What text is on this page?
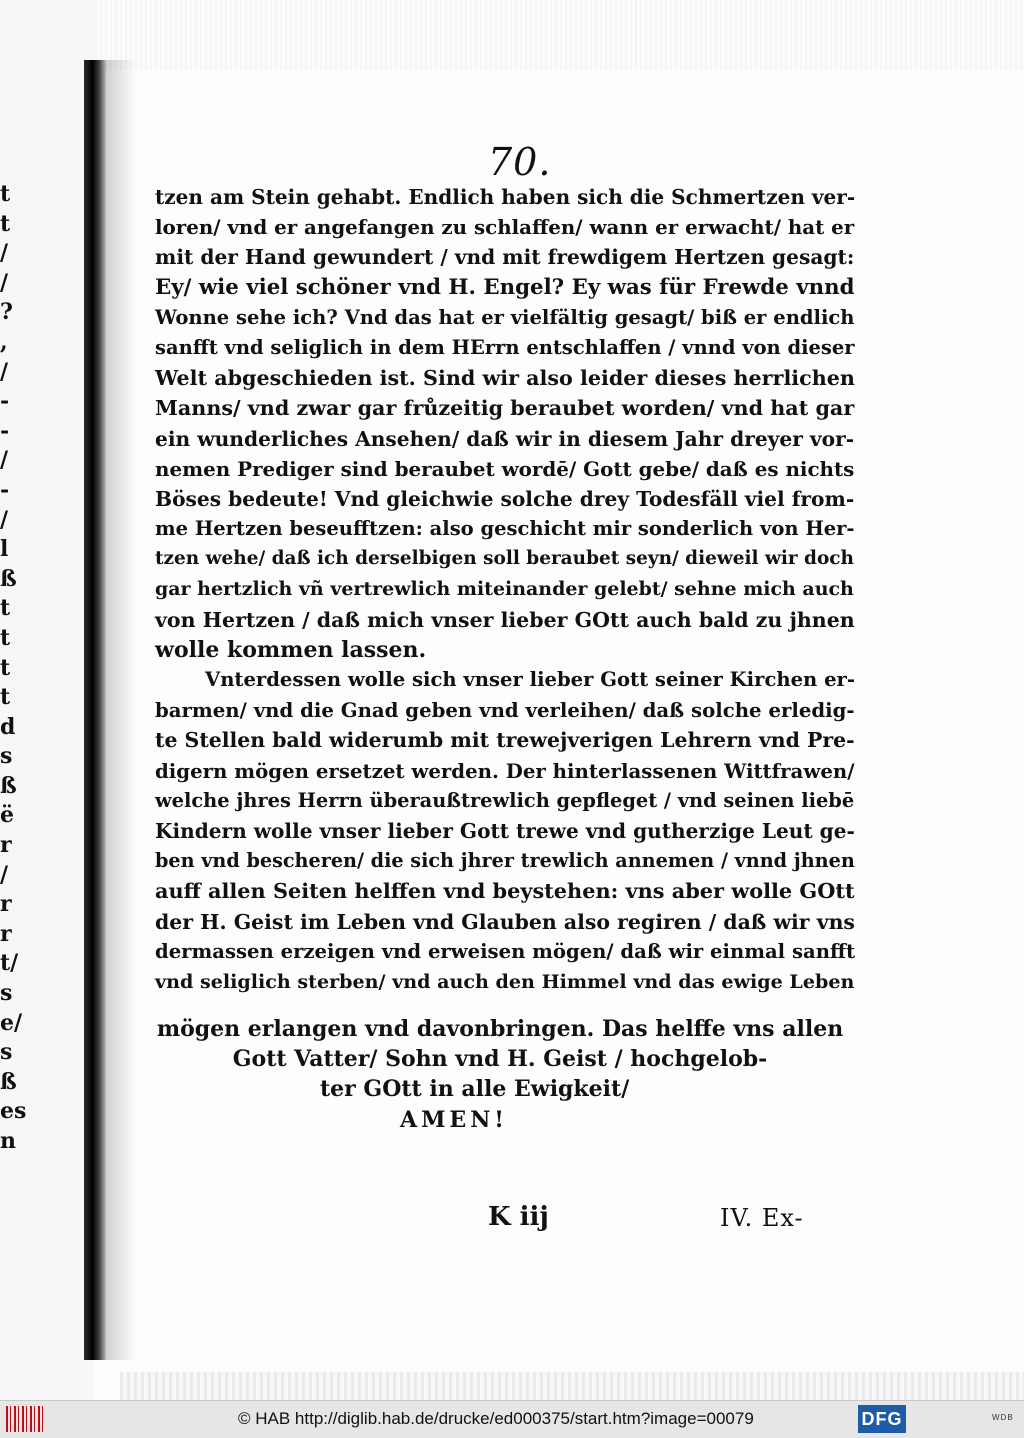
t
t
/
/
?
,
/
-
-
/
-
/
l
ß
t
t
t
t
d
s
ß
ë
r
/
r
r
t/
s
e/
s
ß
es
n
70.
tzen am Stein gehabt. Endlich haben sich die Schmertzen ver-
loren/ vnd er angefangen zu schlaffen/ wann er erwacht/ hat er
mit der Hand gewundert / vnd mit frewdigem Hertzen gesagt:
Ey/ wie viel schöner vnd H. Engel? Ey was für Frewde vnnd
Wonne sehe ich? Vnd das hat er vielfältig gesagt/ biß er endlich
sanfft vnd seliglich in dem HErrn entschlaffen / vnnd von dieser
Welt abgeschieden ist. Sind wir also leider dieses herrlichen
Manns/ vnd zwar gar frůzeitig beraubet worden/ vnd hat gar
ein wunderliches Ansehen/ daß wir in diesem Jahr dreyer vor-
nemen Prediger sind beraubet wordē/ Gott gebe/ daß es nichts
Böses bedeute! Vnd gleichwie solche drey Todesfäll viel from-
me Hertzen beseufftzen: also geschicht mir sonderlich von Her-
tzen wehe/ daß ich derselbigen soll beraubet seyn/ dieweil wir doch
gar hertzlich vñ vertrewlich miteinander gelebt/ sehne mich auch
von Hertzen / daß mich vnser lieber GOtt auch bald zu jhnen
wolle kommen lassen.
Vnterdessen wolle sich vnser lieber Gott seiner Kirchen er-
barmen/ vnd die Gnad geben vnd verleihen/ daß solche erledig-
te Stellen bald widerumb mit trewejverigen Lehrern vnd Pre-
digern mögen ersetzet werden. Der hinterlassenen Wittfrawen/
welche jhres Herrn überaußtrewlich gepfleget / vnd seinen liebē
Kindern wolle vnser lieber Gott trewe vnd gutherzige Leut ge-
ben vnd bescheren/ die sich jhrer trewlich annemen / vnnd jhnen
auff allen Seiten helffen vnd beystehen: vns aber wolle GOtt
der H. Geist im Leben vnd Glauben also regiren / daß wir vns
dermassen erzeigen vnd erweisen mögen/ daß wir einmal sanfft
vnd seliglich sterben/ vnd auch den Himmel vnd das ewige Leben
mögen erlangen vnd davonbringen. Das helffe vns allen
Gott Vatter/ Sohn vnd H. Geist / hochgelob-
ter GOtt in alle Ewigkeit/
AMEN!
K iij	IV. Ex-
© HAB http://diglib.hab.de/drucke/ed000375/start.htm?image=00079	DFG	WDB
